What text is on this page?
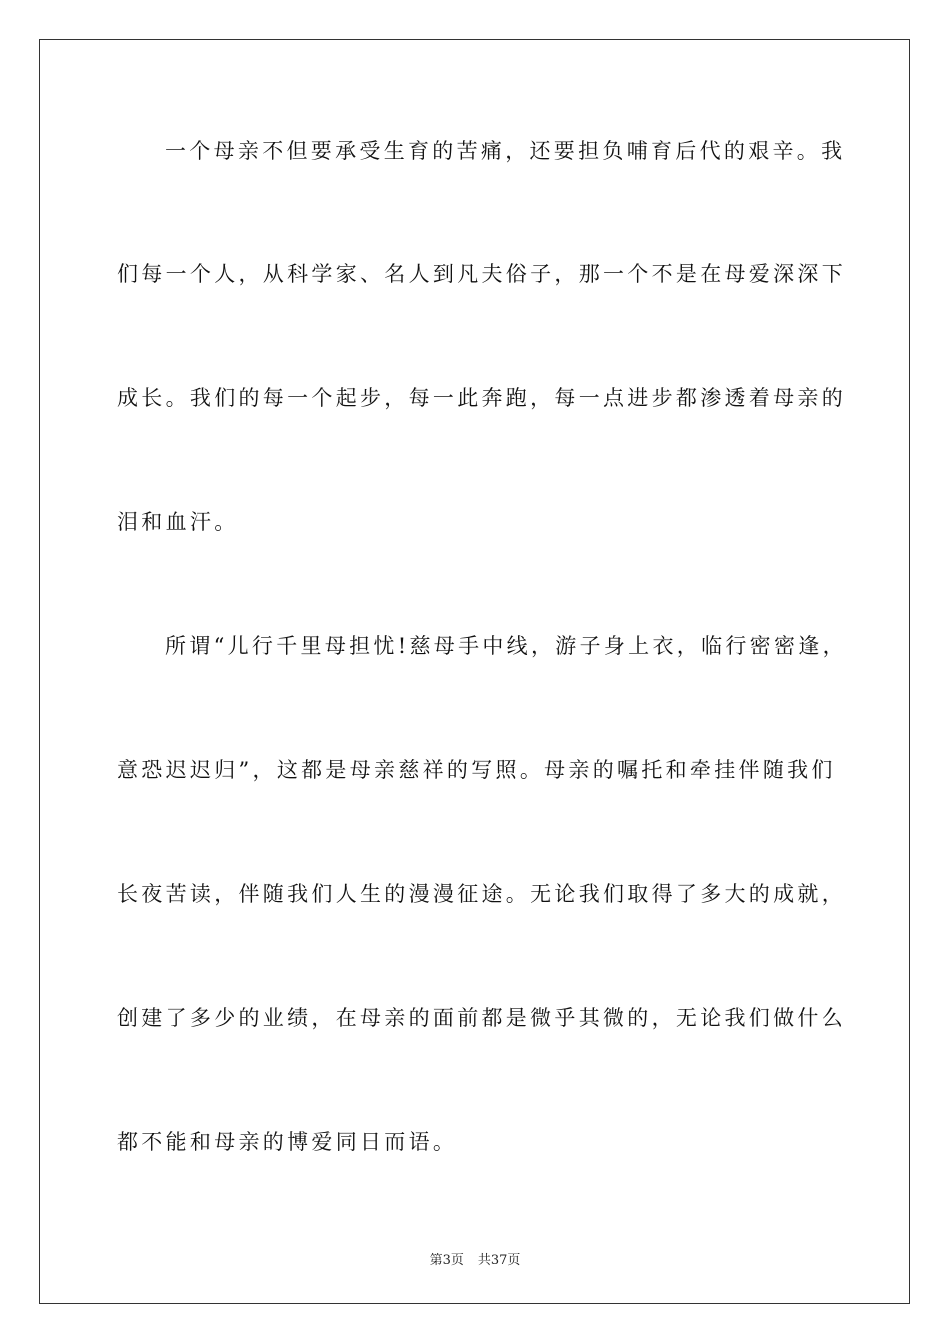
一个母亲不但要承受生育的苦痛，还要担负哺育后代的艰辛。我
们每一个人，从科学家、名人到凡夫俗子，那一个不是在母爱深深下
成长。我们的每一个起步，每一此奔跑，每一点进步都渗透着母亲的
泪和血汗。
所谓“儿行千里母担忧!慈母手中线，游子身上衣，临行密密逢，
意恐迟迟归”，这都是母亲慈祥的写照。母亲的嘱托和牵挂伴随我们
长夜苦读，伴随我们人生的漫漫征途。无论我们取得了多大的成就，
创建了多少的业绩，在母亲的面前都是微乎其微的，无论我们做什么
都不能和母亲的博爱同日而语。
第3页 共37页
